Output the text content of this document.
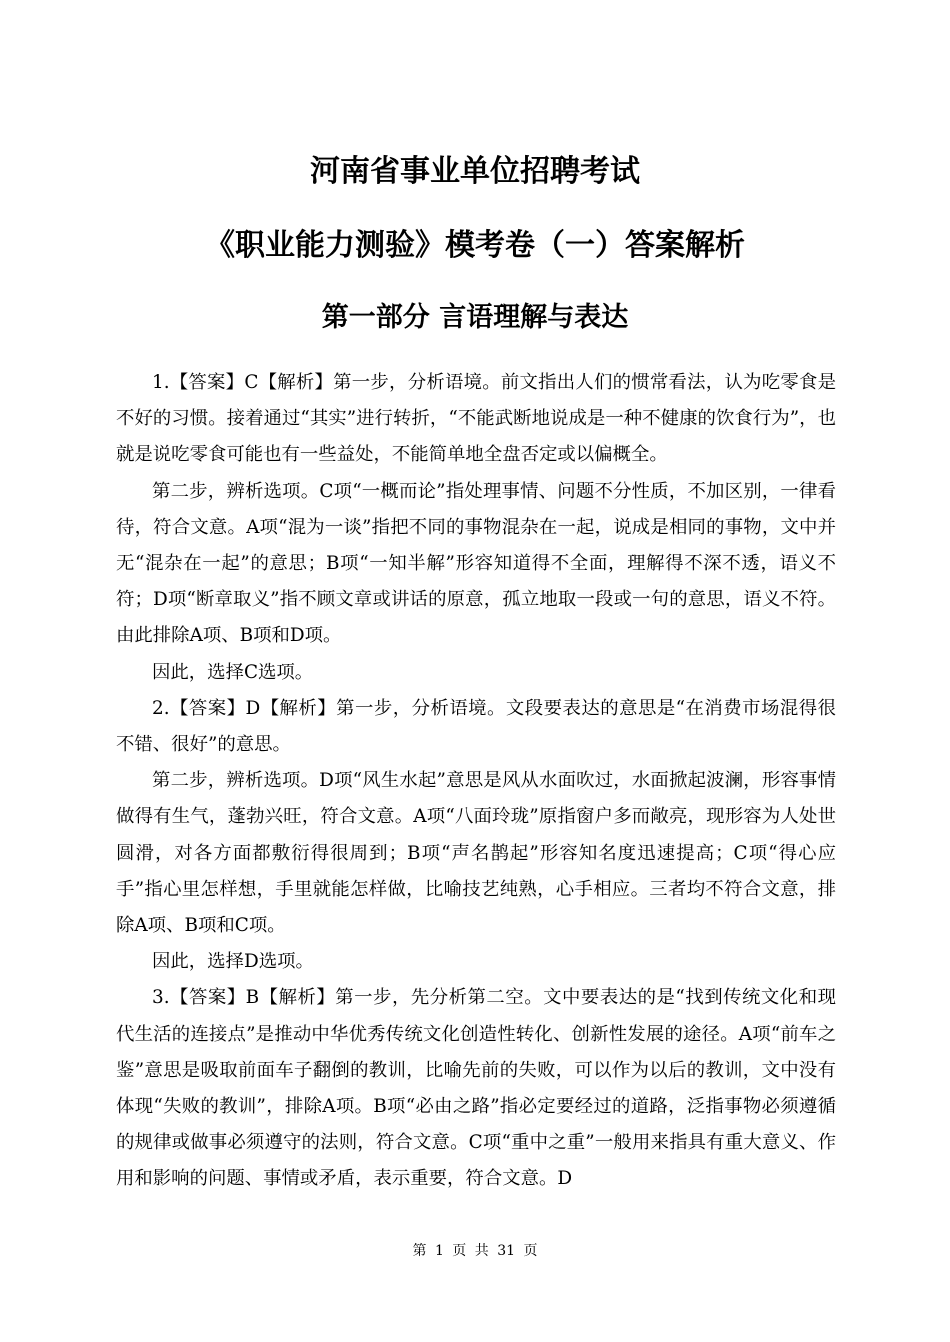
河南省事业单位招聘考试
《职业能力测验》模考卷（一）答案解析
第一部分 言语理解与表达

1.【答案】C【解析】第一步，分析语境。前文指出人们的惯常看法，认为吃零食是不好的习惯。接着通过“其实”进行转折，“不能武断地说成是一种不健康的饮食行为”，也就是说吃零食可能也有一些益处，不能简单地全盘否定或以偏概全。

第二步，辨析选项。C项“一概而论”指处理事情、问题不分性质，不加区别，一律看待，符合文意。A项“混为一谈”指把不同的事物混杂在一起，说成是相同的事物，文中并无“混杂在一起”的意思；B项“一知半解”形容知道得不全面，理解得不深不透，语义不符；D项“断章取义”指不顾文章或讲话的原意，孤立地取一段或一句的意思，语义不符。由此排除A项、B项和D项。

因此，选择C选项。

2.【答案】D【解析】第一步，分析语境。文段要表达的意思是“在消费市场混得很不错、很好”的意思。

第二步，辨析选项。D项“风生水起”意思是风从水面吹过，水面掀起波澜，形容事情做得有生气，蓬勃兴旺，符合文意。A项“八面玲珑”原指窗户多而敞亮，现形容为人处世圆滑，对各方面都敷衍得很周到；B项“声名鹊起”形容知名度迅速提高；C项“得心应手”指心里怎样想，手里就能怎样做，比喻技艺纯熟，心手相应。三者均不符合文意，排除A项、B项和C项。

因此，选择D选项。

3.【答案】B【解析】第一步，先分析第二空。文中要表达的是“找到传统文化和现代生活的连接点”是推动中华优秀传统文化创造性转化、创新性发展的途径。A项“前车之鉴”意思是吸取前面车子翻倒的教训，比喻先前的失败，可以作为以后的教训，文中没有体现“失败的教训”，排除A项。B项“必由之路”指必定要经过的道路，泛指事物必须遵循的规律或做事必须遵守的法则，符合文意。C项“重中之重”一般用来指具有重大意义、作用和影响的问题、事情或矛盾，表示重要，符合文意。D

第 1 页 共 31 页
